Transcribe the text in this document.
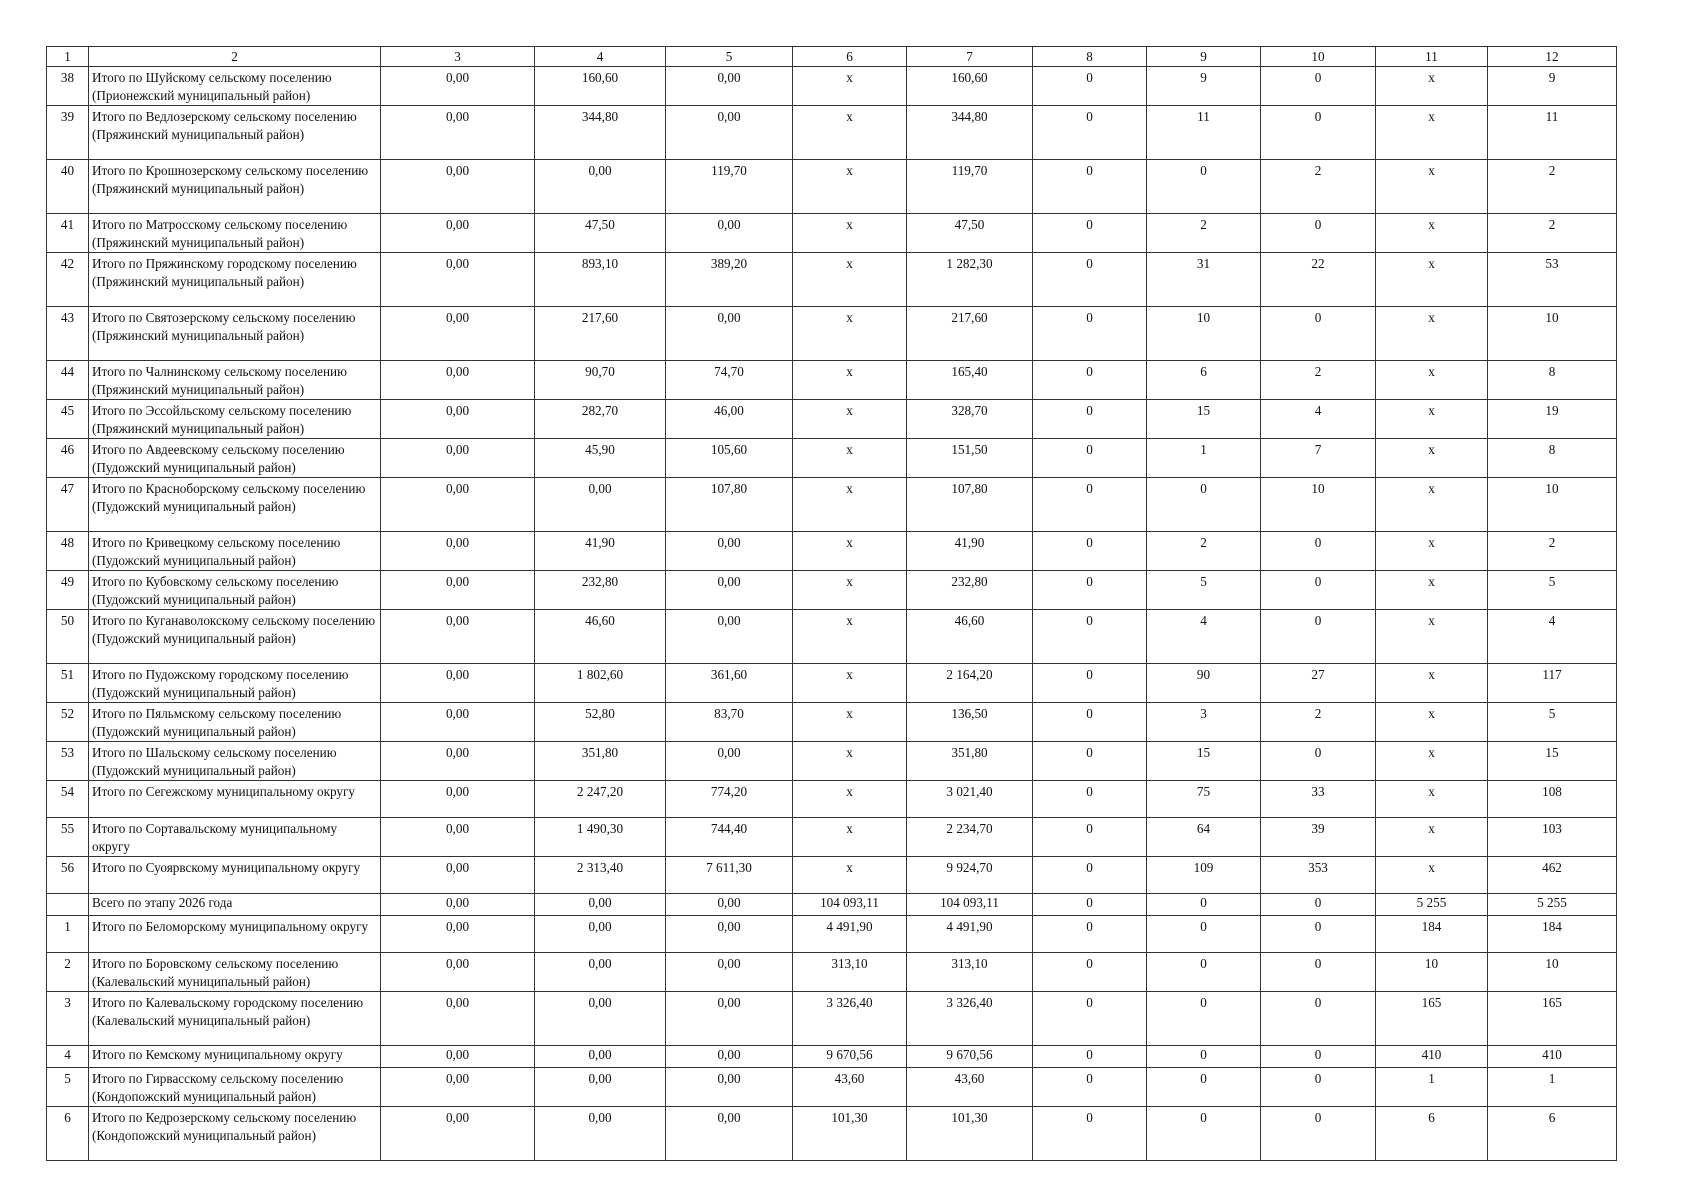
1	2	3	4	5	6	7	8	9	10	11	12
38	Итого по Шуйскому сельскому поселению (Прионежский муниципальный район)	0,00	160,60	0,00	х	160,60	0	9	0	х	9
39	Итого по Ведлозерскому сельскому поселению (Пряжинский муниципальный район)	0,00	344,80	0,00	х	344,80	0	11	0	х	11
40	Итого по Крошнозерскому сельскому поселению (Пряжинский муниципальный район)	0,00	0,00	119,70	х	119,70	0	0	2	х	2
41	Итого по Матросскому сельскому поселению (Пряжинский муниципальный район)	0,00	47,50	0,00	х	47,50	0	2	0	х	2
42	Итого по Пряжинскому городскому поселению (Пряжинский муниципальный район)	0,00	893,10	389,20	х	1 282,30	0	31	22	х	53
43	Итого по Святозерскому сельскому поселению (Пряжинский муниципальный район)	0,00	217,60	0,00	х	217,60	0	10	0	х	10
44	Итого по Чалнинскому сельскому поселению (Пряжинский муниципальный район)	0,00	90,70	74,70	х	165,40	0	6	2	х	8
45	Итого по Эссойльскому сельскому поселению (Пряжинский муниципальный район)	0,00	282,70	46,00	х	328,70	0	15	4	х	19
46	Итого по Авдеевскому сельскому поселению (Пудожский муниципальный район)	0,00	45,90	105,60	х	151,50	0	1	7	х	8
47	Итого по Красноборскому сельскому поселению (Пудожский муниципальный район)	0,00	0,00	107,80	х	107,80	0	0	10	х	10
48	Итого по Кривецкому сельскому поселению (Пудожский муниципальный район)	0,00	41,90	0,00	х	41,90	0	2	0	х	2
49	Итого по Кубовскому сельскому поселению (Пудожский муниципальный район)	0,00	232,80	0,00	х	232,80	0	5	0	х	5
50	Итого по Куганаволокскому сельскому поселению (Пудожский муниципальный район)	0,00	46,60	0,00	х	46,60	0	4	0	х	4
51	Итого по Пудожскому городскому поселению (Пудожский муниципальный район)	0,00	1 802,60	361,60	х	2 164,20	0	90	27	х	117
52	Итого по Пяльмскому сельскому поселению (Пудожский муниципальный район)	0,00	52,80	83,70	х	136,50	0	3	2	х	5
53	Итого по Шальскому сельскому поселению (Пудожский муниципальный район)	0,00	351,80	0,00	х	351,80	0	15	0	х	15
54	Итого по Сегежскому муниципальному округу	0,00	2 247,20	774,20	х	3 021,40	0	75	33	х	108
55	Итого по Сортавальскому муниципальному округу	0,00	1 490,30	744,40	х	2 234,70	0	64	39	х	103
56	Итого по Суоярвскому муниципальному округу	0,00	2 313,40	7 611,30	х	9 924,70	0	109	353	х	462
	Всего по этапу 2026 года	0,00	0,00	0,00	104 093,11	104 093,11	0	0	0	5 255	5 255
1	Итого по Беломорскому муниципальному округу	0,00	0,00	0,00	4 491,90	4 491,90	0	0	0	184	184
2	Итого по Боровскому сельскому поселению (Калевальский муниципальный район)	0,00	0,00	0,00	313,10	313,10	0	0	0	10	10
3	Итого по Калевальскому городскому поселению (Калевальский муниципальный район)	0,00	0,00	0,00	3 326,40	3 326,40	0	0	0	165	165
4	Итого по Кемскому муниципальному округу	0,00	0,00	0,00	9 670,56	9 670,56	0	0	0	410	410
5	Итого по Гирвасскому сельскому поселению (Кондопожский муниципальный район)	0,00	0,00	0,00	43,60	43,60	0	0	0	1	1
6	Итого по Кедрозерскому сельскому поселению (Кондопожский муниципальный район)	0,00	0,00	0,00	101,30	101,30	0	0	0	6	6
